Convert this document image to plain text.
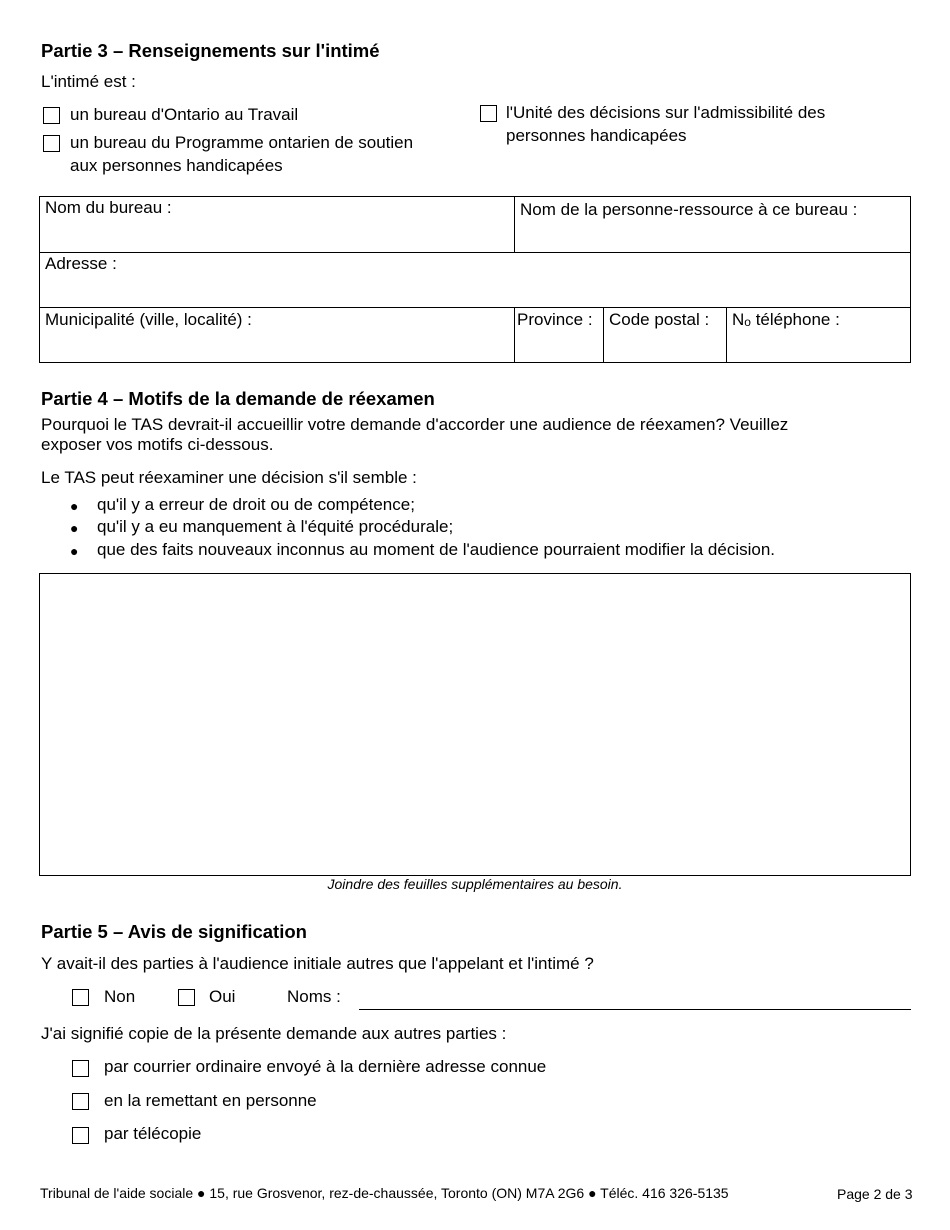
Partie 3 – Renseignements sur l'intimé
L'intimé est :
un bureau d'Ontario au Travail
un bureau du Programme ontarien de soutien
aux personnes handicapées
l'Unité des décisions sur l'admissibilité des
personnes handicapées
Nom du bureau :	Nom de la personne-ressource à ce bureau :
Adresse :
Municipalité (ville, localité) :	Province : Code postal : $N^o$ téléphone :
Partie 4 – Motifs de la demande de réexamen
Pourquoi le TAS devrait-il accueillir votre demande d'accorder une audience de réexamen? Veuillez
exposer vos motifs ci-dessous.
Le TAS peut réexaminer une décision s'il semble :
● qu'il y a erreur de droit ou de compétence;
● qu'il y a eu manquement à l'équité procédurale;
● que des faits nouveaux inconnus au moment de l'audience pourraient modifier la décision.
Joindre des feuilles supplémentaires au besoin.
Partie 5 – Avis de signification
Y avait-il des parties à l'audience initiale autres que l'appelant et l'intimé ?
Non	Oui	Noms :
J'ai signifié copie de la présente demande aux autres parties :
par courrier ordinaire envoyé à la dernière adresse connue
en la remettant en personne
par télécopie
Tribunal de l'aide sociale ● 15, rue Grosvenor, rez-de-chaussée, Toronto (ON) M7A 2G6 ● Téléc. 416 326-5135	Page 2 de 3
